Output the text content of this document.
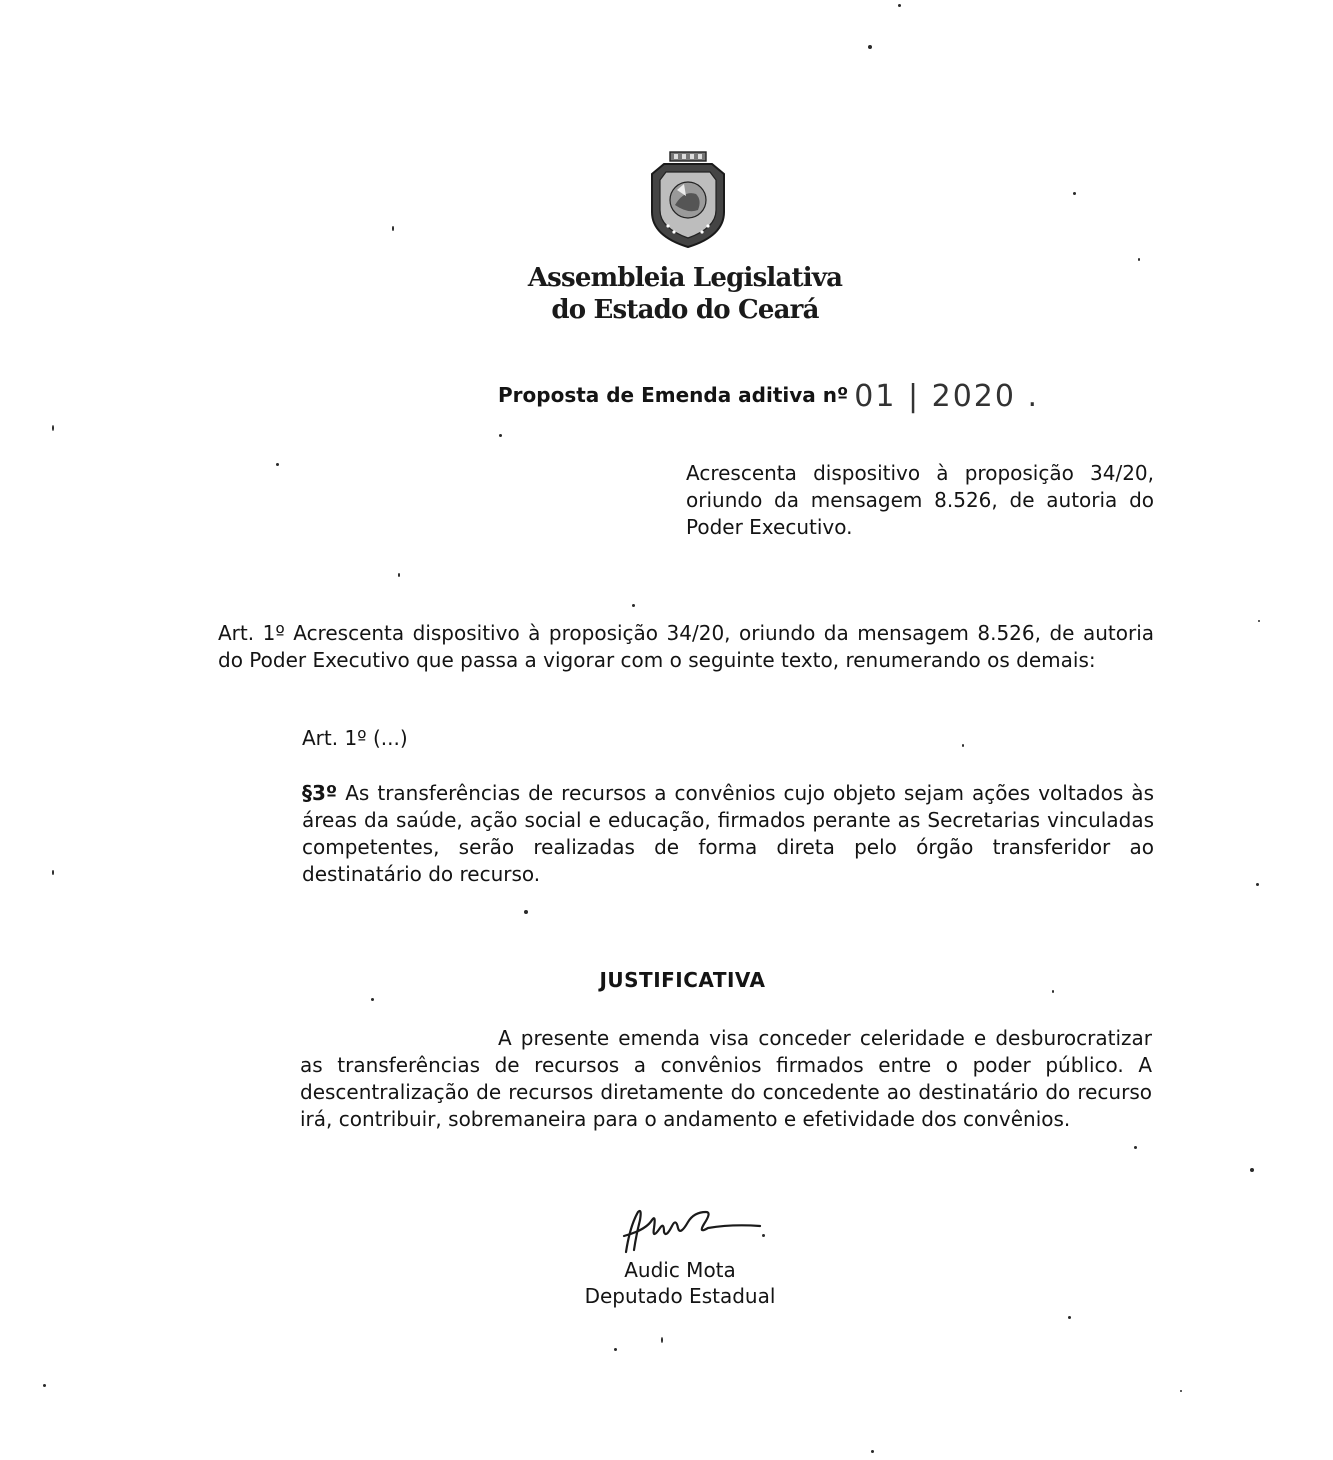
Assembleia Legislativa
do Estado do Ceará
Proposta de Emenda aditiva nº 01 | 2020 .
Acrescenta dispositivo à proposição 34/20, oriundo da mensagem 8.526, de autoria do Poder Executivo.
Art. 1º Acrescenta dispositivo à proposição 34/20, oriundo da mensagem 8.526, de autoria do Poder Executivo que passa a vigorar com o seguinte texto, renumerando os demais:
Art. 1º (...)
§3º As transferências de recursos a convênios cujo objeto sejam ações voltados às áreas da saúde, ação social e educação, firmados perante as Secretarias vinculadas competentes, serão realizadas de forma direta pelo órgão transferidor ao destinatário do recurso.
JUSTIFICATIVA
A presente emenda visa conceder celeridade e desburocratizar as transferências de recursos a convênios firmados entre o poder público. A descentralização de recursos diretamente do concedente ao destinatário do recurso irá, contribuir, sobremaneira para o andamento e efetividade dos convênios.
Audic Mota
Deputado Estadual
